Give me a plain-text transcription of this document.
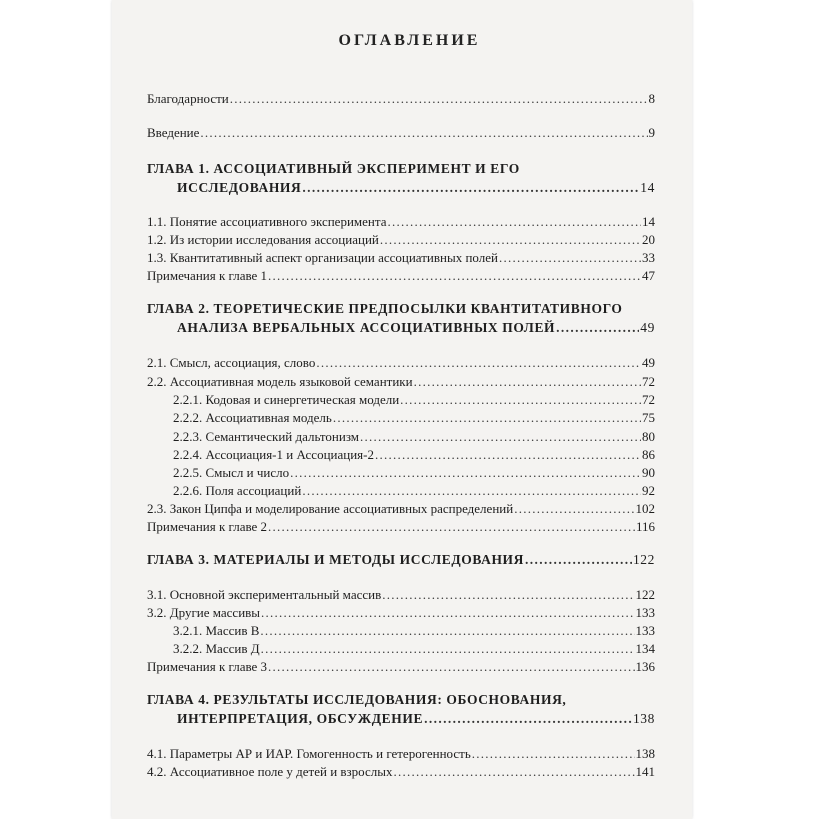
ОГЛАВЛЕНИЕ
Благодарности . . .	8
Введение . . .	9
ГЛАВА 1. АССОЦИАТИВНЫЙ ЭКСПЕРИМЕНТ И ЕГО
ИССЛЕДОВАНИЯ . . .	14
1.1. Понятие ассоциативного эксперимента . . .	14
1.2. Из истории исследования ассоциаций . . .	20
1.3. Квантитативный аспект организации ассоциативных полей . . .	33
Примечания к главе 1 . . .	47
ГЛАВА 2. ТЕОРЕТИЧЕСКИЕ ПРЕДПОСЫЛКИ КВАНТИТАТИВНОГО
АНАЛИЗА ВЕРБАЛЬНЫХ АССОЦИАТИВНЫХ ПОЛЕЙ . . .	49
2.1. Смысл, ассоциация, слово . . .	49
2.2. Ассоциативная модель языковой семантики . . .	72
2.2.1. Кодовая и синергетическая модели . . .	72
2.2.2. Ассоциативная модель . . .	75
2.2.3. Семантический дальтонизм . . .	80
2.2.4. Ассоциация-1 и Ассоциация-2 . . .	86
2.2.5. Смысл и число . . .	90
2.2.6. Поля ассоциаций . . .	92
2.3. Закон Ципфа и моделирование ассоциативных распределений . . .	102
Примечания к главе 2 . . .	116
ГЛАВА 3. МАТЕРИАЛЫ И МЕТОДЫ ИССЛЕДОВАНИЯ . . .	122
3.1. Основной экспериментальный массив . . .	122
3.2. Другие массивы . . .	133
3.2.1. Массив В . . .	133
3.2.2. Массив Д . . .	134
Примечания к главе 3 . . .	136
ГЛАВА 4. РЕЗУЛЬТАТЫ ИССЛЕДОВАНИЯ: ОБОСНОВАНИЯ,
ИНТЕРПРЕТАЦИЯ, ОБСУЖДЕНИЕ . . .	138
4.1. Параметры АР и ИАР. Гомогенность и гетерогенность . . .	138
4.2. Ассоциативное поле у детей и взрослых . . .	141
